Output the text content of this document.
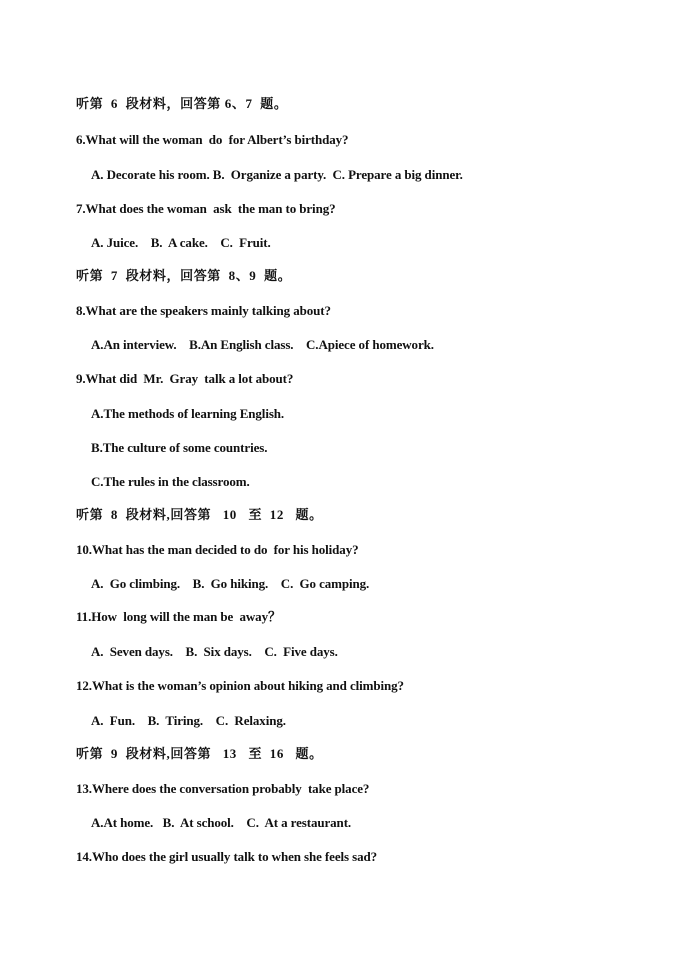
听第  6  段材料，回答第 6、7  题。
6.What will the woman  do  for Albert’s birthday?
A. Decorate his room. B.  Organize a party.  C. Prepare a big dinner.
7.What does the woman  ask  the man to bring?
A. Juice.    B.  A cake.    C.  Fruit.
听第  7  段材料，回答第  8、9  题。
8.What are the speakers mainly talking about?
A.An interview.    B.An English class.    C.Apiece of homework.
9.What did  Mr.  Gray  talk a lot about?
A.The methods of learning English.
B.The culture of some countries.
C.The rules in the classroom.
听第  8  段材料,回答第   10   至  12   题。
10.What has the man decided to do  for his holiday?
A.  Go climbing.    B.  Go hiking.    C.  Go camping.
11.How  long will the man be  away？
A.  Seven days.    B.  Six days.    C.  Five days.
12.What is the woman’s opinion about hiking and climbing?
A.  Fun.    B.  Tiring.    C.  Relaxing.
听第  9  段材料,回答第   13   至  16   题。
13.Where does the conversation probably  take place?
A.At home.   B.  At school.    C.  At a restaurant.
14.Who does the girl usually talk to when she feels sad?
